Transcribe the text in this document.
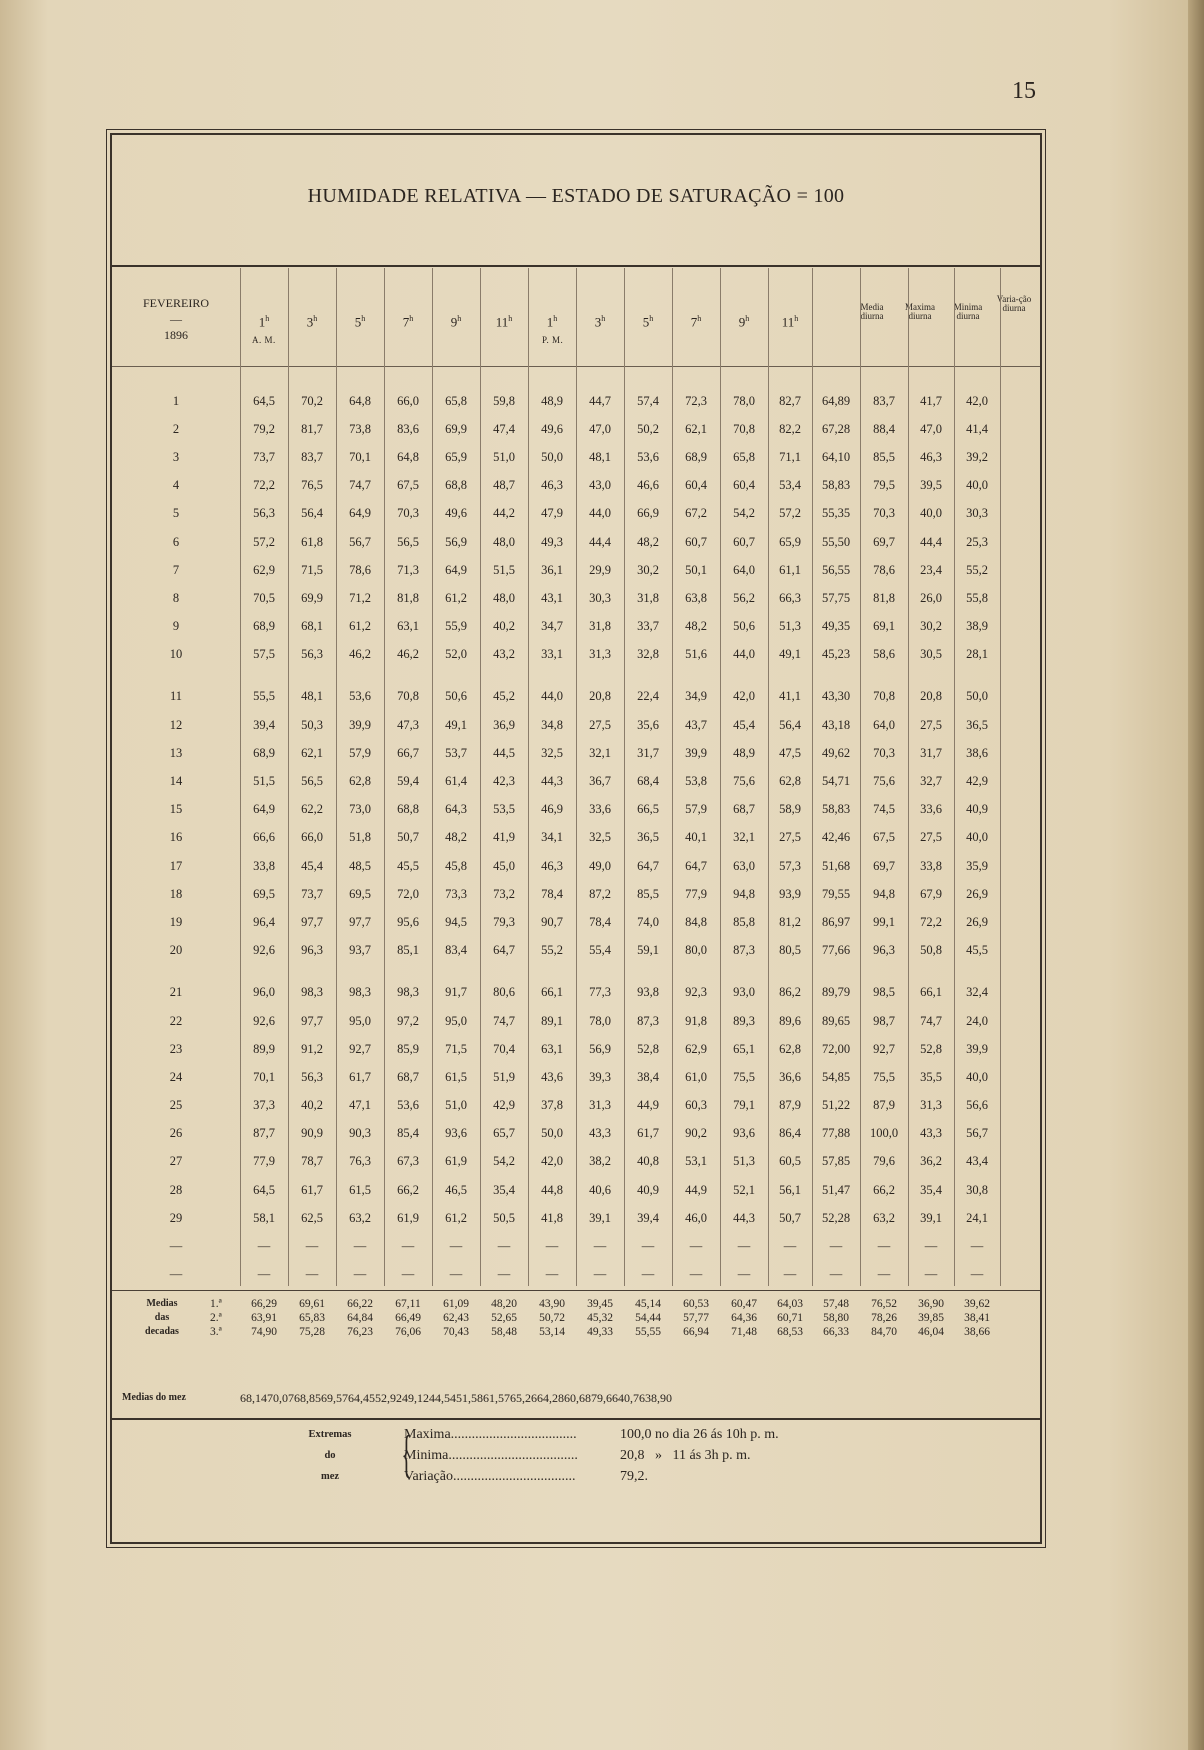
15
HUMIDADE RELATIVA — ESTADO DE SATURAÇÃO = 100
FEVEREIRO
—
1896
1$^h$	3$^h$	5$^h$	7$^h$	9$^h$	11$^h$	1$^h$	3$^h$	5$^h$	7$^h$	9$^h$	11$^h$
A. M.	P. M.
Media diurna
Maxima diurna
Minima diurna
Varia-ção diurna

1	64,5	70,2	64,8	66,0	65,8	59,8	48,9	44,7	57,4	72,3	78,0	82,7	64,89	83,7	41,7	42,0
2	79,2	81,7	73,8	83,6	69,9	47,4	49,6	47,0	50,2	62,1	70,8	82,2	67,28	88,4	47,0	41,4
3	73,7	83,7	70,1	64,8	65,9	51,0	50,0	48,1	53,6	68,9	65,8	71,1	64,10	85,5	46,3	39,2
4	72,2	76,5	74,7	67,5	68,8	48,7	46,3	43,0	46,6	60,4	60,4	53,4	58,83	79,5	39,5	40,0
5	56,3	56,4	64,9	70,3	49,6	44,2	47,9	44,0	66,9	67,2	54,2	57,2	55,35	70,3	40,0	30,3
6	57,2	61,8	56,7	56,5	56,9	48,0	49,3	44,4	48,2	60,7	60,7	65,9	55,50	69,7	44,4	25,3
7	62,9	71,5	78,6	71,3	64,9	51,5	36,1	29,9	30,2	50,1	64,0	61,1	56,55	78,6	23,4	55,2
8	70,5	69,9	71,2	81,8	61,2	48,0	43,1	30,3	31,8	63,8	56,2	66,3	57,75	81,8	26,0	55,8
9	68,9	68,1	61,2	63,1	55,9	40,2	34,7	31,8	33,7	48,2	50,6	51,3	49,35	69,1	30,2	38,9
10	57,5	56,3	46,2	46,2	52,0	43,2	33,1	31,3	32,8	51,6	44,0	49,1	45,23	58,6	30,5	28,1

11	55,5	48,1	53,6	70,8	50,6	45,2	44,0	20,8	22,4	34,9	42,0	41,1	43,30	70,8	20,8	50,0
12	39,4	50,3	39,9	47,3	49,1	36,9	34,8	27,5	35,6	43,7	45,4	56,4	43,18	64,0	27,5	36,5
13	68,9	62,1	57,9	66,7	53,7	44,5	32,5	32,1	31,7	39,9	48,9	47,5	49,62	70,3	31,7	38,6
14	51,5	56,5	62,8	59,4	61,4	42,3	44,3	36,7	68,4	53,8	75,6	62,8	54,71	75,6	32,7	42,9
15	64,9	62,2	73,0	68,8	64,3	53,5	46,9	33,6	66,5	57,9	68,7	58,9	58,83	74,5	33,6	40,9
16	66,6	66,0	51,8	50,7	48,2	41,9	34,1	32,5	36,5	40,1	32,1	27,5	42,46	67,5	27,5	40,0
17	33,8	45,4	48,5	45,5	45,8	45,0	46,3	49,0	64,7	64,7	63,0	57,3	51,68	69,7	33,8	35,9
18	69,5	73,7	69,5	72,0	73,3	73,2	78,4	87,2	85,5	77,9	94,8	93,9	79,55	94,8	67,9	26,9
19	96,4	97,7	97,7	95,6	94,5	79,3	90,7	78,4	74,0	84,8	85,8	81,2	86,97	99,1	72,2	26,9
20	92,6	96,3	93,7	85,1	83,4	64,7	55,2	55,4	59,1	80,0	87,3	80,5	77,66	96,3	50,8	45,5

21	96,0	98,3	98,3	98,3	91,7	80,6	66,1	77,3	93,8	92,3	93,0	86,2	89,79	98,5	66,1	32,4
22	92,6	97,7	95,0	97,2	95,0	74,7	89,1	78,0	87,3	91,8	89,3	89,6	89,65	98,7	74,7	24,0
23	89,9	91,2	92,7	85,9	71,5	70,4	63,1	56,9	52,8	62,9	65,1	62,8	72,00	92,7	52,8	39,9
24	70,1	56,3	61,7	68,7	61,5	51,9	43,6	39,3	38,4	61,0	75,5	36,6	54,85	75,5	35,5	40,0
25	37,3	40,2	47,1	53,6	51,0	42,9	37,8	31,3	44,9	60,3	79,1	87,9	51,22	87,9	31,3	56,6
26	87,7	90,9	90,3	85,4	93,6	65,7	50,0	43,3	61,7	90,2	93,6	86,4	77,88	100,0	43,3	56,7
27	77,9	78,7	76,3	67,3	61,9	54,2	42,0	38,2	40,8	53,1	51,3	60,5	57,85	79,6	36,2	43,4
28	64,5	61,7	61,5	66,2	46,5	35,4	44,8	40,6	40,9	44,9	52,1	56,1	51,47	66,2	35,4	30,8
29	58,1	62,5	63,2	61,9	61,2	50,5	41,8	39,1	39,4	46,0	44,3	50,7	52,28	63,2	39,1	24,1
—	—	—	—	—	—	—	—	—	—	—	—	—	—	—	—	—
—	—	—	—	—	—	—	—	—	—	—	—	—	—	—	—	—
Medias
das
decadas
1.ª	66,29	69,61	66,22	67,11	61,09	48,20	43,90	39,45	45,14	60,53	60,47	64,03	57,48	76,52	36,90	39,62
2.ª	63,91	65,83	64,84	66,49	62,43	52,65	50,72	45,32	54,44	57,77	64,36	60,71	58,80	78,26	39,85	38,41
3.ª	74,90	75,28	76,23	76,06	70,43	58,48	53,14	49,33	55,55	66,94	71,48	68,53	66,33	84,70	46,04	38,66
Medias do mez	68,14	70,07	68,85	69,57	64,45	52,92	49,12	44,54	51,58	61,57	65,26	64,28	60,68	79,66	40,76	38,90
Extremas
do
mez	{
Maxima....................................	100,0 no dia 26 ás 10h p. m.
Minima.....................................	20,8   »   11 ás 3h p. m.
Variação...................................	79,2.
